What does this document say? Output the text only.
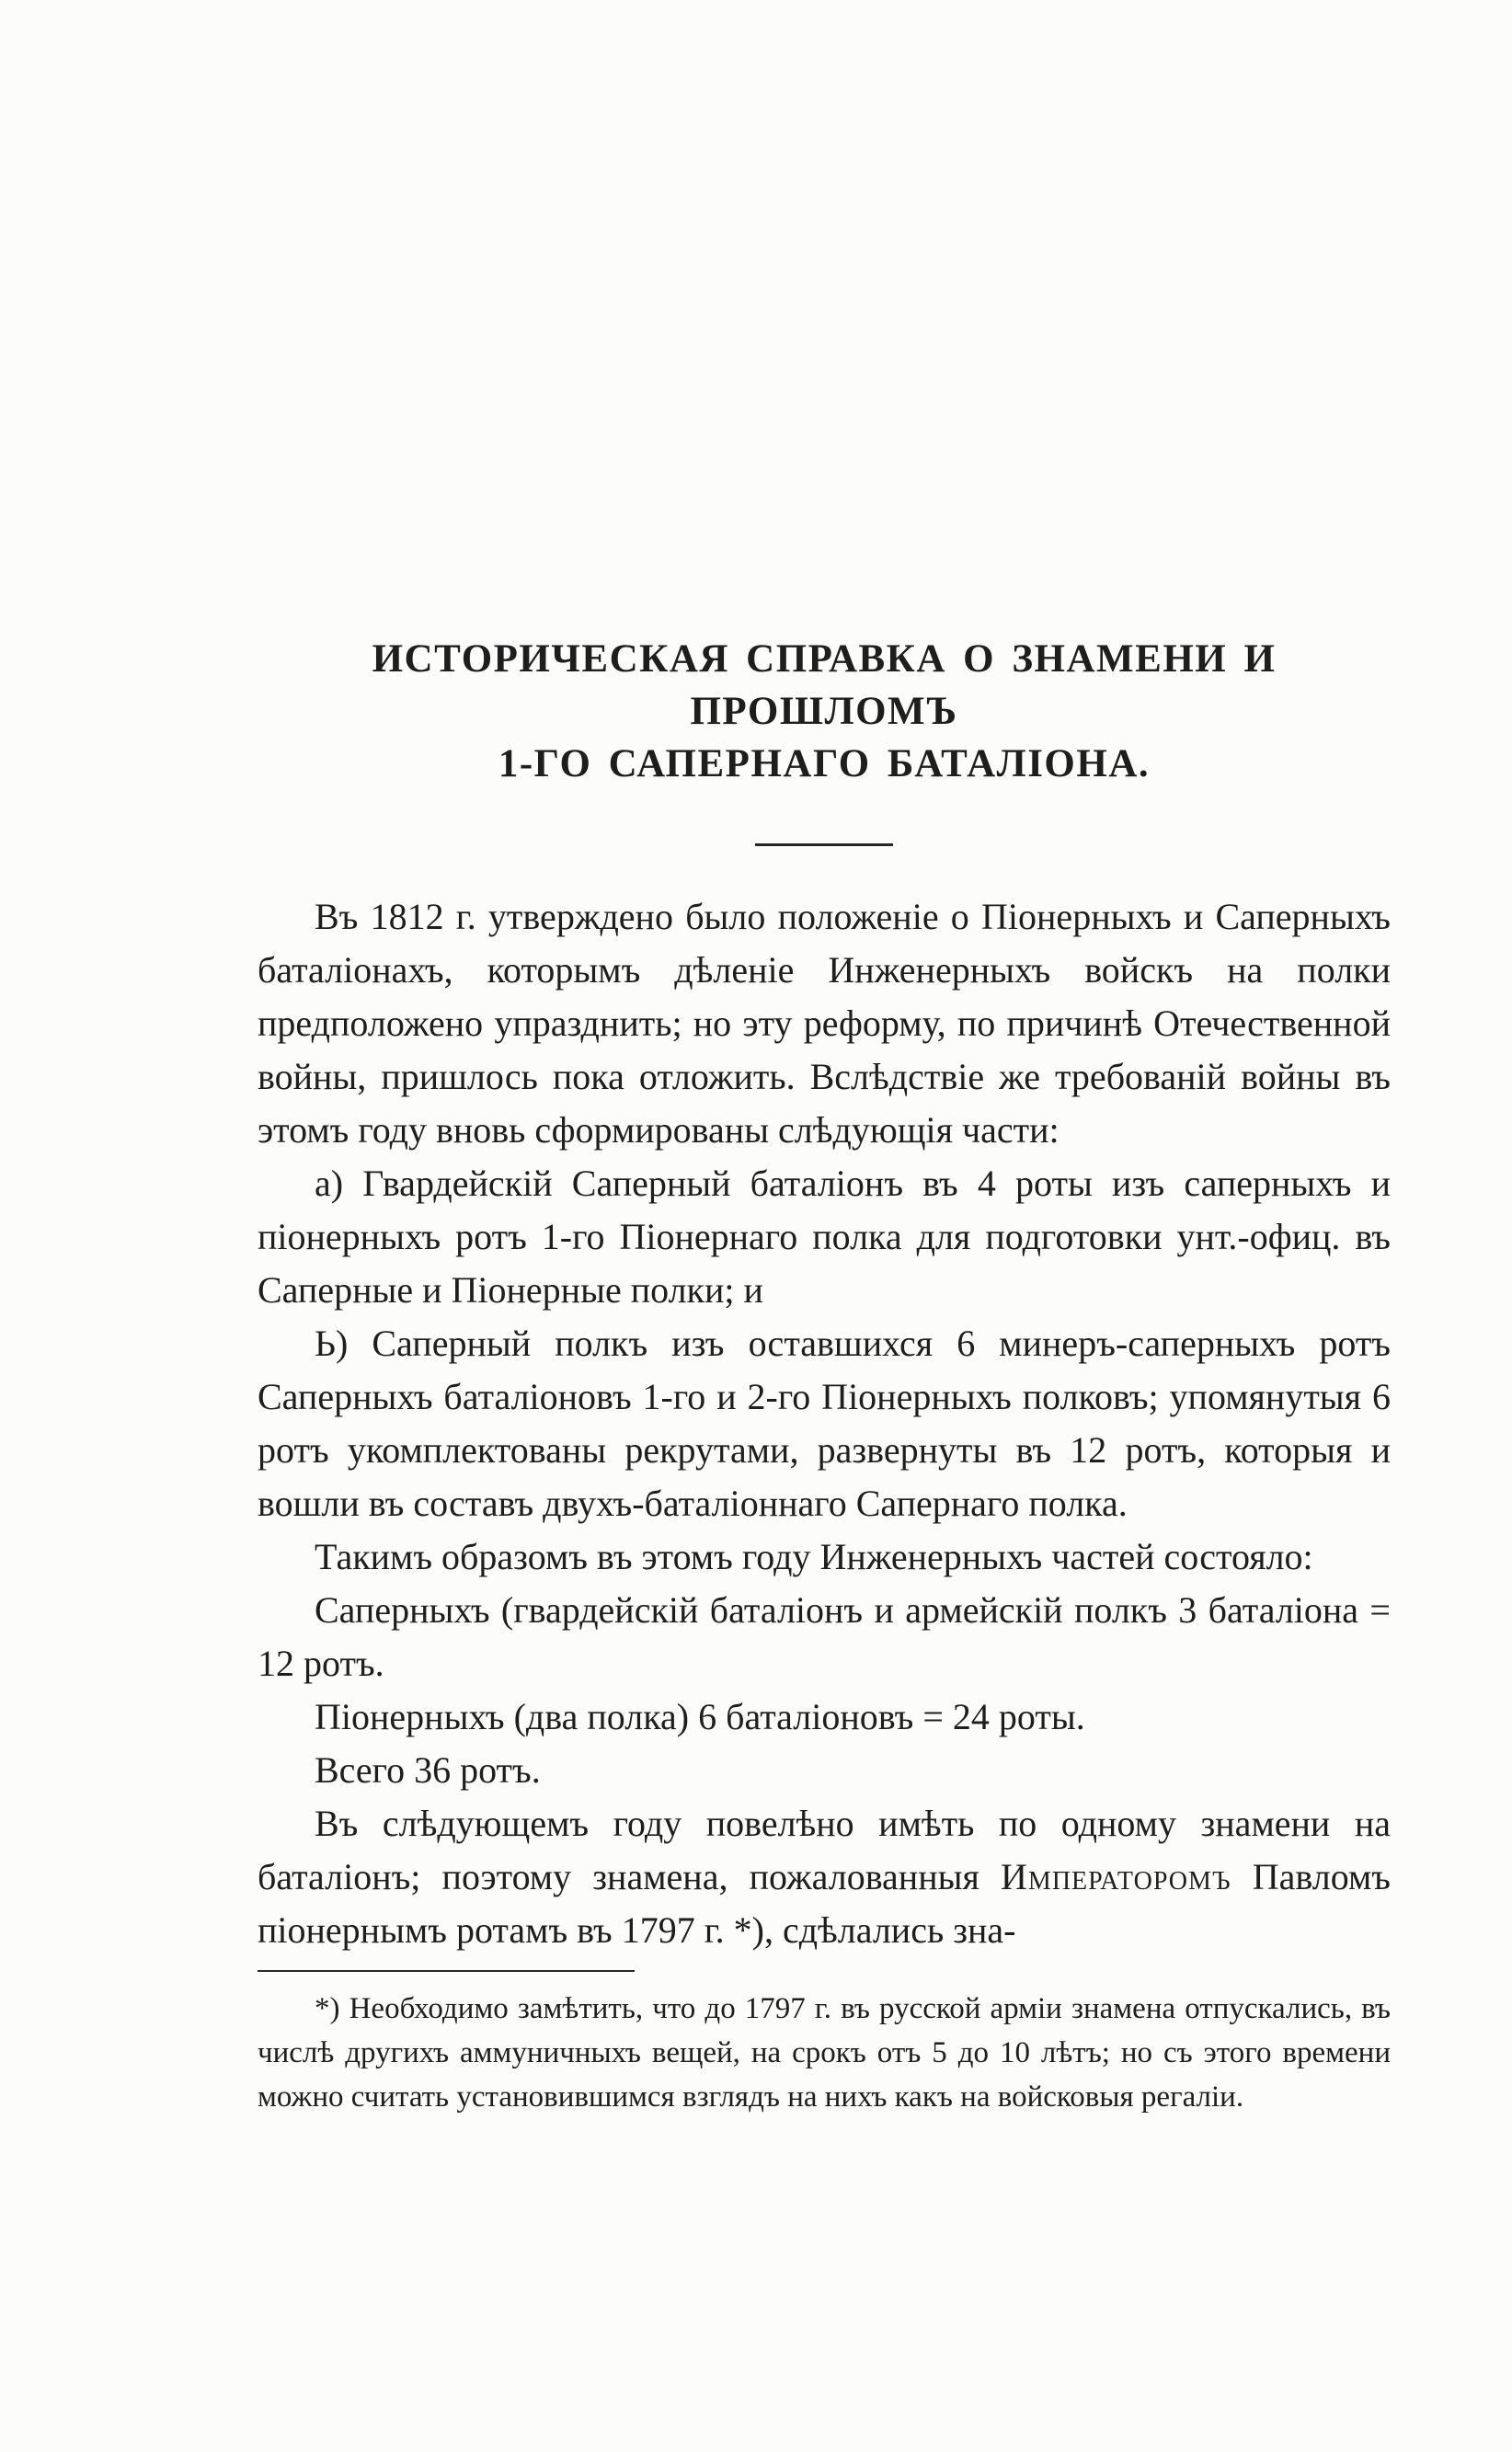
ИСТОРИЧЕСКАЯ СПРАВКА О ЗНАМЕНИ И ПРОШЛОМЪ
1-ГО САПЕРНАГО БАТАЛІОНА.

Въ 1812 г. утверждено было положеніе о Піонерныхъ и Саперныхъ баталіонахъ, которымъ дѣленіе Инженерныхъ войскъ на полки предположено упразднить; но эту реформу, по причинѣ Отечественной войны, пришлось пока отложить. Вслѣдствіе же требованій войны въ этомъ году вновь сформированы слѣдующія части:

а) Гвардейскій Саперный баталіонъ въ 4 роты изъ саперныхъ и піонерныхъ ротъ 1-го Піонернаго полка для подготовки унт.-офиц. въ Саперные и Піонерные полки; и

Ь) Саперный полкъ изъ оставшихся 6 минеръ-саперныхъ ротъ Саперныхъ баталіоновъ 1-го и 2-го Піонерныхъ полковъ; упомянутыя 6 ротъ укомплектованы рекрутами, развернуты въ 12 ротъ, которыя и вошли въ составъ двухъ-баталіоннаго Сапернаго полка.

Такимъ образомъ въ этомъ году Инженерныхъ частей состояло:

Саперныхъ (гвардейскій баталіонъ и армейскій полкъ 3 баталіона = 12 ротъ.

Піонерныхъ (два полка) 6 баталіоновъ = 24 роты.

Всего 36 ротъ.

Въ слѣдующемъ году повелѣно имѣть по одному знамени на баталіонъ; поэтому знамена, пожалованныя Императоромъ Павломъ піонернымъ ротамъ въ 1797 г. *), сдѣлались зна-

*) Необходимо замѣтить, что до 1797 г. въ русской арміи знамена отпускались, въ числѣ другихъ аммуничныхъ вещей, на срокъ отъ 5 до 10 лѣтъ; но съ этого времени можно считать установившимся взглядъ на нихъ какъ на войсковыя регаліи.
